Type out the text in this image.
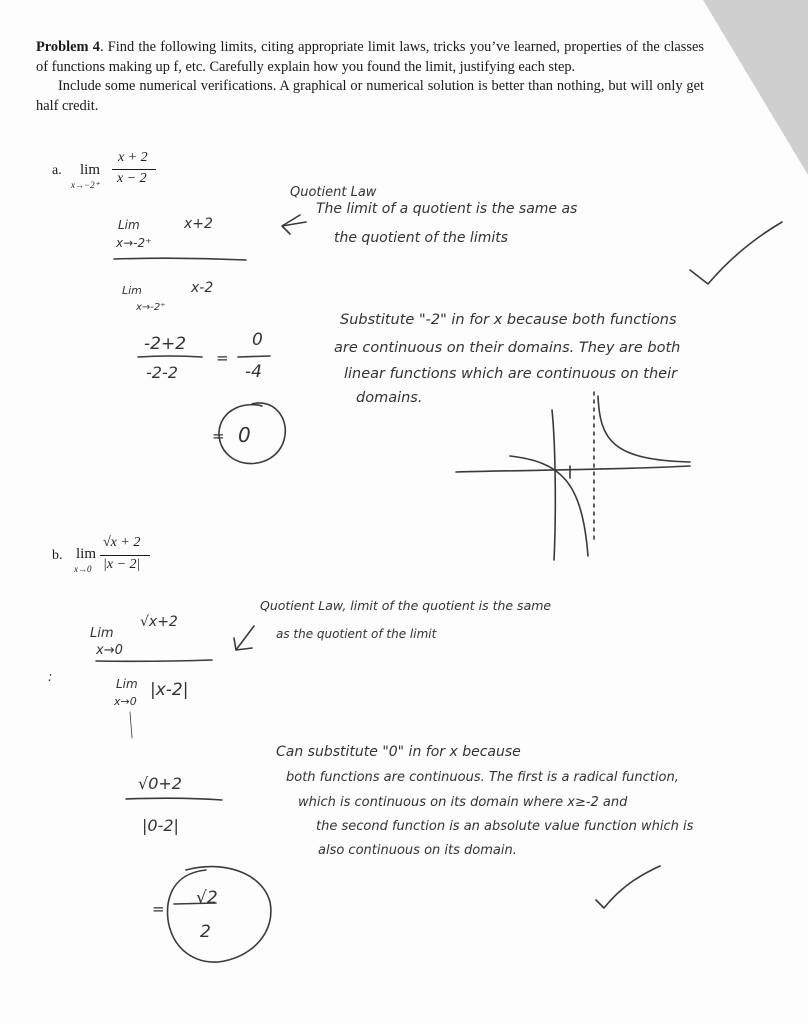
Problem 4. Find the following limits, citing appropriate limit laws, tricks you’ve learned, properties of the classes of functions making up f, etc. Carefully explain how you found the limit, justifying each step.

Include some numerical verifications. A graphical or numerical solution is better than nothing, but will only get half credit.

a. lim
x→−2⁺
x + 2
x − 2
Lim	x+2
x→-2⁺
Lim
x→-2⁺
x-2
Quotient Law
The limit of a quotient is the same as
the quotient of the limits
-2+2
-2-2
=
0
-4
= 0
Substitute "-2" in for x because both functions
are continuous on their domains. They are both
linear functions which are continuous on their
domains.
b. lim
x→0
√x + 2
|x − 2|
Quotient Law, limit of the quotient is the same
as the quotient of the limit
Lim
√x+2
x→0
:	Lim
x→0
|x-2|
√0+2
|0-2|
=
√2
2
Can substitute "0" in for x because
both functions are continuous. The first is a radical function,
which is continuous on its domain where x≥-2 and
the second function is an absolute value function which is
also continuous on its domain.
